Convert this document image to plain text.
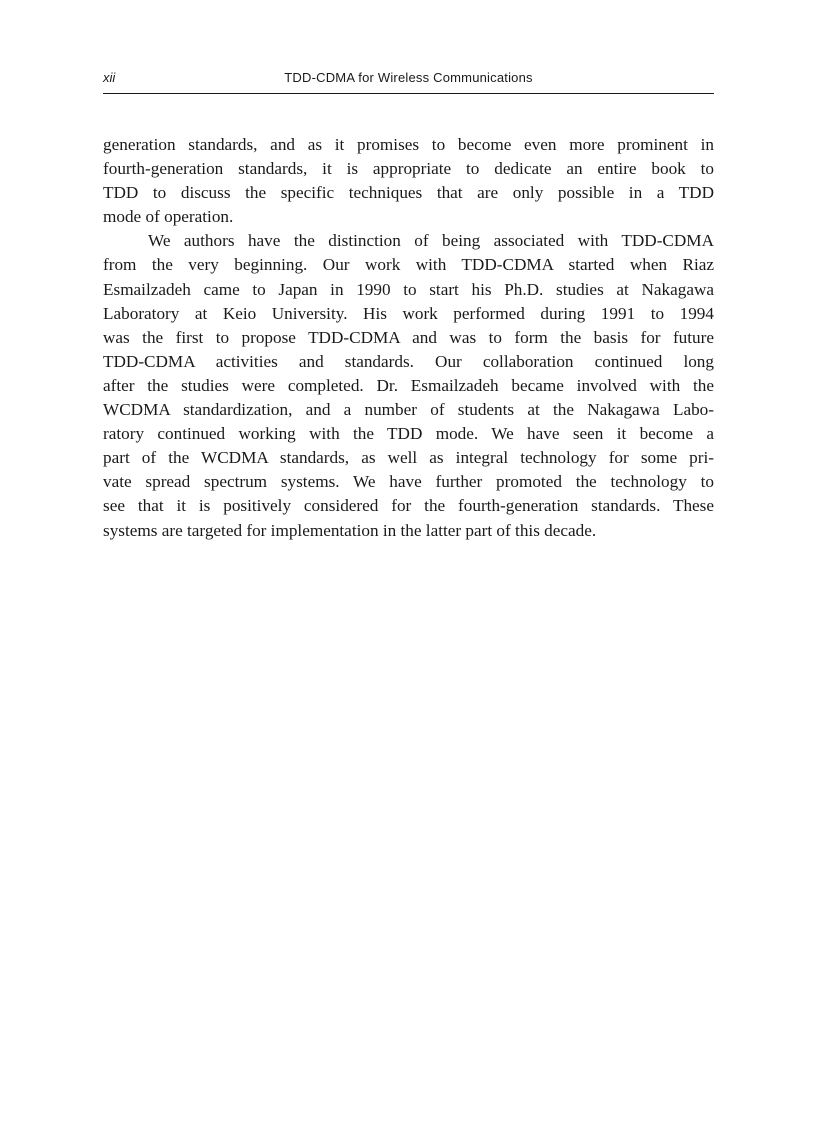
xii	TDD-CDMA for Wireless Communications
generation standards, and as it promises to become even more prominent in
fourth-generation standards, it is appropriate to dedicate an entire book to
TDD to discuss the specific techniques that are only possible in a TDD
mode of operation.
We authors have the distinction of being associated with TDD-CDMA
from the very beginning. Our work with TDD-CDMA started when Riaz
Esmailzadeh came to Japan in 1990 to start his Ph.D. studies at Nakagawa
Laboratory at Keio University. His work performed during 1991 to 1994
was the first to propose TDD-CDMA and was to form the basis for future
TDD-CDMA activities and standards. Our collaboration continued long
after the studies were completed. Dr. Esmailzadeh became involved with the
WCDMA standardization, and a number of students at the Nakagawa Labo-
ratory continued working with the TDD mode. We have seen it become a
part of the WCDMA standards, as well as integral technology for some pri-
vate spread spectrum systems. We have further promoted the technology to
see that it is positively considered for the fourth-generation standards. These
systems are targeted for implementation in the latter part of this decade.
